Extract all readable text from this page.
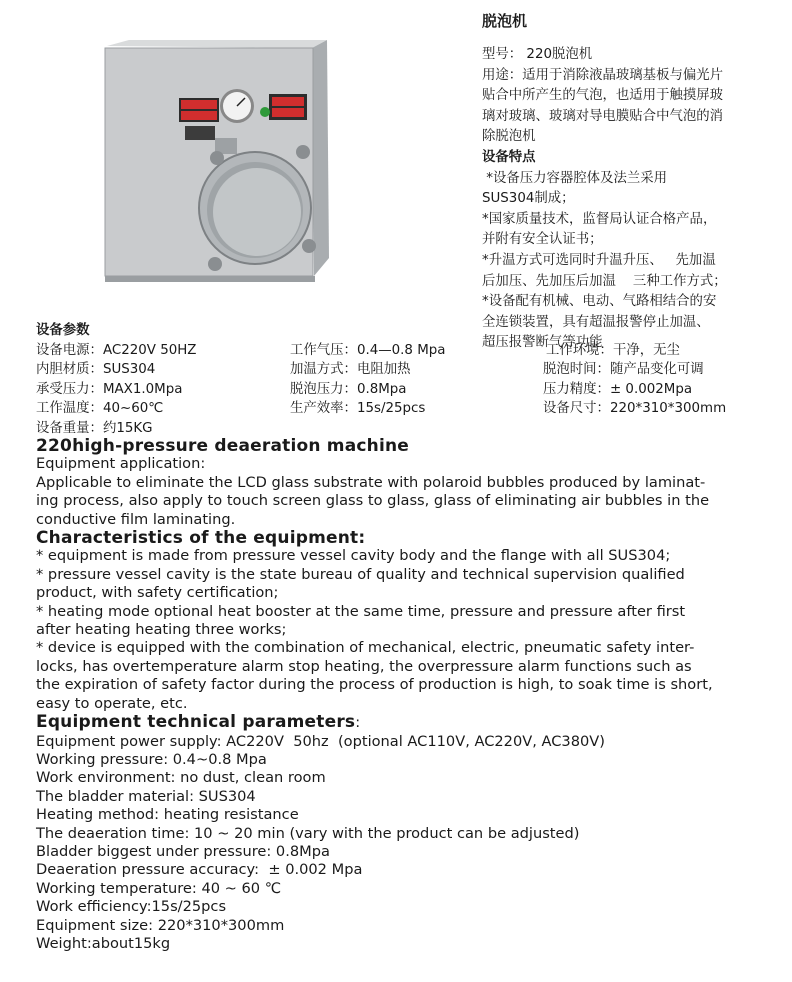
脱泡机
型号： 220脱泡机
用途：适用于消除液晶玻璃基板与偏光片
贴合中所产生的气泡，也适用于触摸屏玻
璃对玻璃、玻璃对导电膜贴合中气泡的消
除脱泡机
设备特点
*设备压力容器腔体及法兰采用
SUS304制成；
*国家质量技术，监督局认证合格产品，
并附有安全认证书；
*升温方式可选同时升温升压、   先加温
后加压、先加压后加温    三种工作方式；
*设备配有机械、电动、气路相结合的安
全连锁装置，具有超温报警停止加温、
超压报警断气等功能
设备参数
设备电源：AC220V 50HZ	工作气压：0.4—0.8 Mpa	工作环境：干净，无尘
内胆材质：SUS304	加温方式：电阻加热	脱泡时间：随产品变化可调
承受压力：MAX1.0Mpa	脱泡压力：0.8Mpa	压力精度：± 0.002Mpa
工作温度：40~60℃	生产效率：15s/25pcs	设备尺寸：220*310*300mm
设备重量：约15KG

220high-pressure deaeration machine

Equipment application:

Applicable to eliminate the LCD glass substrate with polaroid bubbles produced by laminat-

ing process, also apply to touch screen glass to glass, glass of eliminating air bubbles in the

conductive film laminating.

Characteristics of the equipment:

* equipment is made from pressure vessel cavity body and the flange with all SUS304;

* pressure vessel cavity is the state bureau of quality and technical supervision qualified

product, with safety certification;

* heating mode optional heat booster at the same time, pressure and pressure after first

after heating heating three works;

* device is equipped with the combination of mechanical, electric, pneumatic safety inter-

locks, has overtemperature alarm stop heating, the overpressure alarm functions such as

the expiration of safety factor during the process of production is high, to soak time is short,

easy to operate, etc.

Equipment technical parameters:

Equipment power supply: AC220V  50hz  (optional AC110V, AC220V, AC380V)

Working pressure: 0.4~0.8 Mpa

Work environment: no dust, clean room

The bladder material: SUS304

Heating method: heating resistance

The deaeration time: 10 ~ 20 min (vary with the product can be adjusted)

Bladder biggest under pressure: 0.8Mpa

Deaeration pressure accuracy:  ± 0.002 Mpa

Working temperature: 40 ~ 60 ℃

Work efficiency:15s/25pcs

Equipment size: 220*310*300mm

Weight:about15kg
